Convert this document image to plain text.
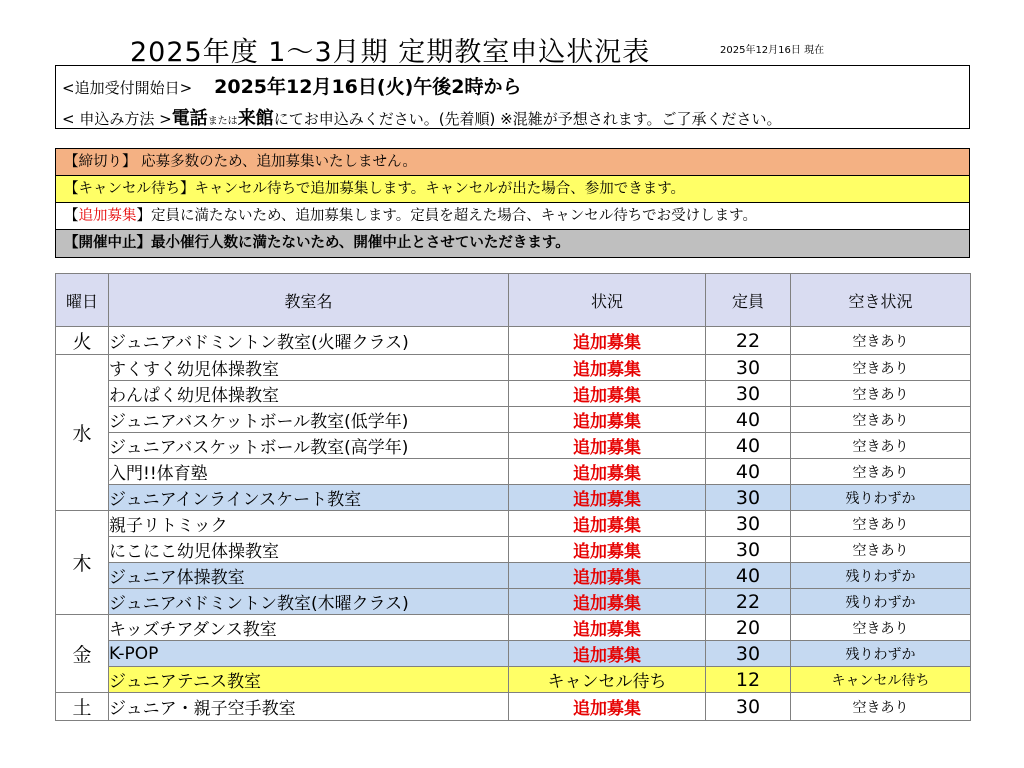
2025年度 1～3月期 定期教室申込状況表	2025年12月16日 現在
<追加受付開始日> 2025年12月16日(火)午後2時から
< 申込み方法 >電話または来館にてお申込みください。(先着順) ※混雑が予想されます。ご了承ください。
【締切り】 応募多数のため、追加募集いたしません。
【キャンセル待ち】キャンセル待ちで追加募集します。キャンセルが出た場合、参加できます。
【追加募集】定員に満たないため、追加募集します。定員を超えた場合、キャンセル待ちでお受けします。
【開催中止】最小催行人数に満たないため、開催中止とさせていただきます。
曜日	教室名	状況	定員	空き状況
火	ジュニアバドミントン教室(火曜クラス)	追加募集	22	空きあり
水	すくすく幼児体操教室	追加募集	30	空きあり
	わんぱく幼児体操教室	追加募集	30	空きあり
	ジュニアバスケットボール教室(低学年)	追加募集	40	空きあり
	ジュニアバスケットボール教室(高学年)	追加募集	40	空きあり
	入門!!体育塾	追加募集	40	空きあり
	ジュニアインラインスケート教室	追加募集	30	残りわずか
木	親子リトミック	追加募集	30	空きあり
	にこにこ幼児体操教室	追加募集	30	空きあり
	ジュニア体操教室	追加募集	40	残りわずか
	ジュニアバドミントン教室(木曜クラス)	追加募集	22	残りわずか
金	キッズチアダンス教室	追加募集	20	空きあり
	K-POP	追加募集	30	残りわずか
	ジュニアテニス教室	キャンセル待ち	12	キャンセル待ち
土	ジュニア・親子空手教室	追加募集	30	空きあり
